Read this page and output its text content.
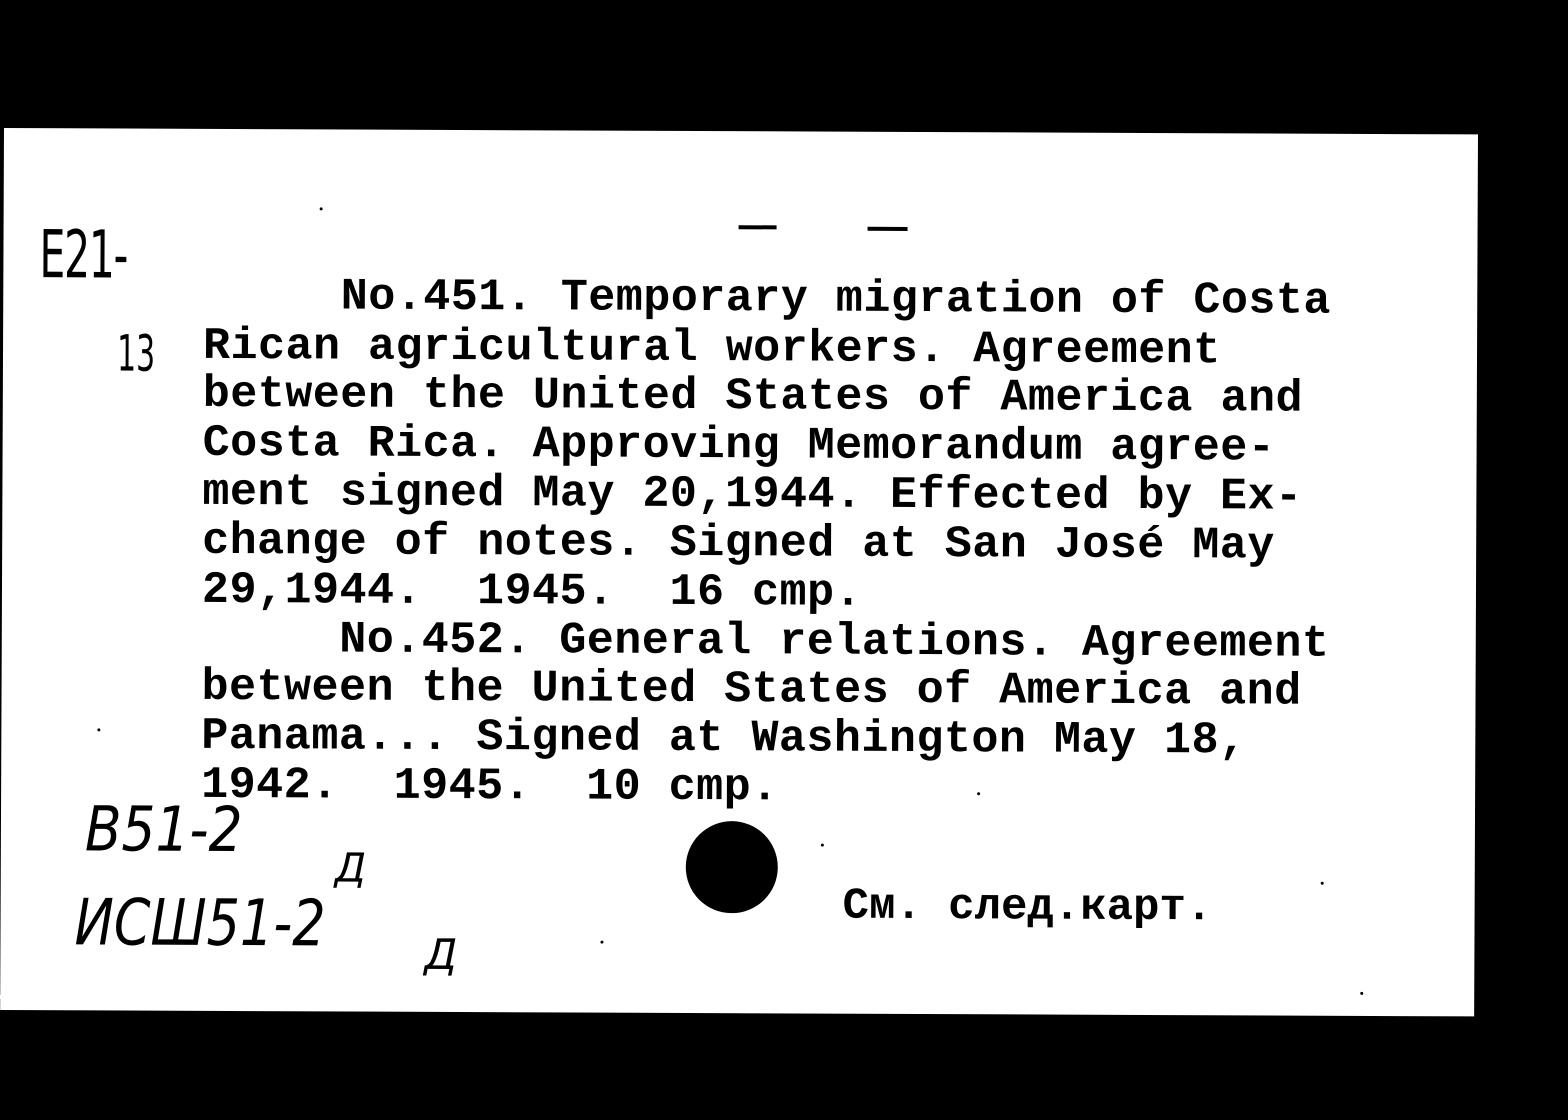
E21-
13
No.451. Temporary migration of Costa
Rican agricultural workers. Agreement
between the United States of America and
Costa Rica. Approving Memorandum agree-
ment signed May 20,1944. Effected by Ex-
change of notes. Signed at San José May
29,1944.  1945.  16 cmp.
No.452. General relations. Agreement
between the United States of America and
Panama... Signed at Washington May 18,
1942.  1945.  10 cmp.
B51-2
Д
ИСШ51-2 Д
См. след.карт.
